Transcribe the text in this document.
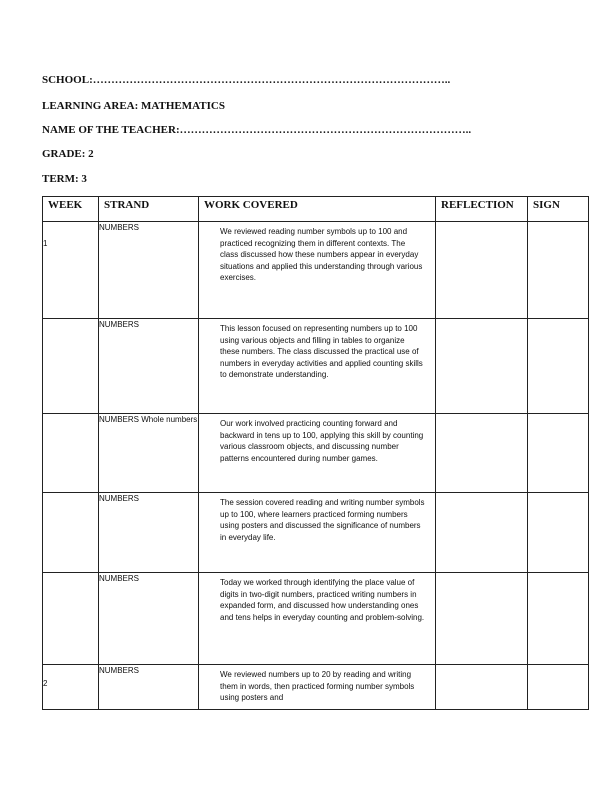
SCHOOL:……………………………………………………………………………………..
LEARNING AREA: MATHEMATICS
NAME OF THE TEACHER:……………………………………………………………………..
GRADE: 2
TERM: 3
WEEK	STRAND	WORK COVERED	REFLECTION	SIGN

1	NUMBERS	We reviewed reading number symbols up to 100 and practiced recognizing them in different contexts. The class discussed how these numbers appear in everyday situations and applied this understanding through various exercises.		

	NUMBERS	This lesson focused on representing numbers up to 100 using various objects and filling in tables to organize these numbers. The class discussed the practical use of numbers in everyday activities and applied counting skills to demonstrate understanding.		

	NUMBERS Whole numbers	Our work involved practicing counting forward and backward in tens up to 100, applying this skill by counting various classroom objects, and discussing number patterns encountered during number games.		

	NUMBERS	The session covered reading and writing number symbols up to 100, where learners practiced forming numbers using posters and discussed the significance of numbers in everyday life.		

	NUMBERS	Today we worked through identifying the place value of digits in two-digit numbers, practiced writing numbers in expanded form, and discussed how understanding ones and tens helps in everyday counting and problem-solving.		

2	NUMBERS	We reviewed numbers up to 20 by reading and writing them in words, then practiced forming number symbols using posters and		
